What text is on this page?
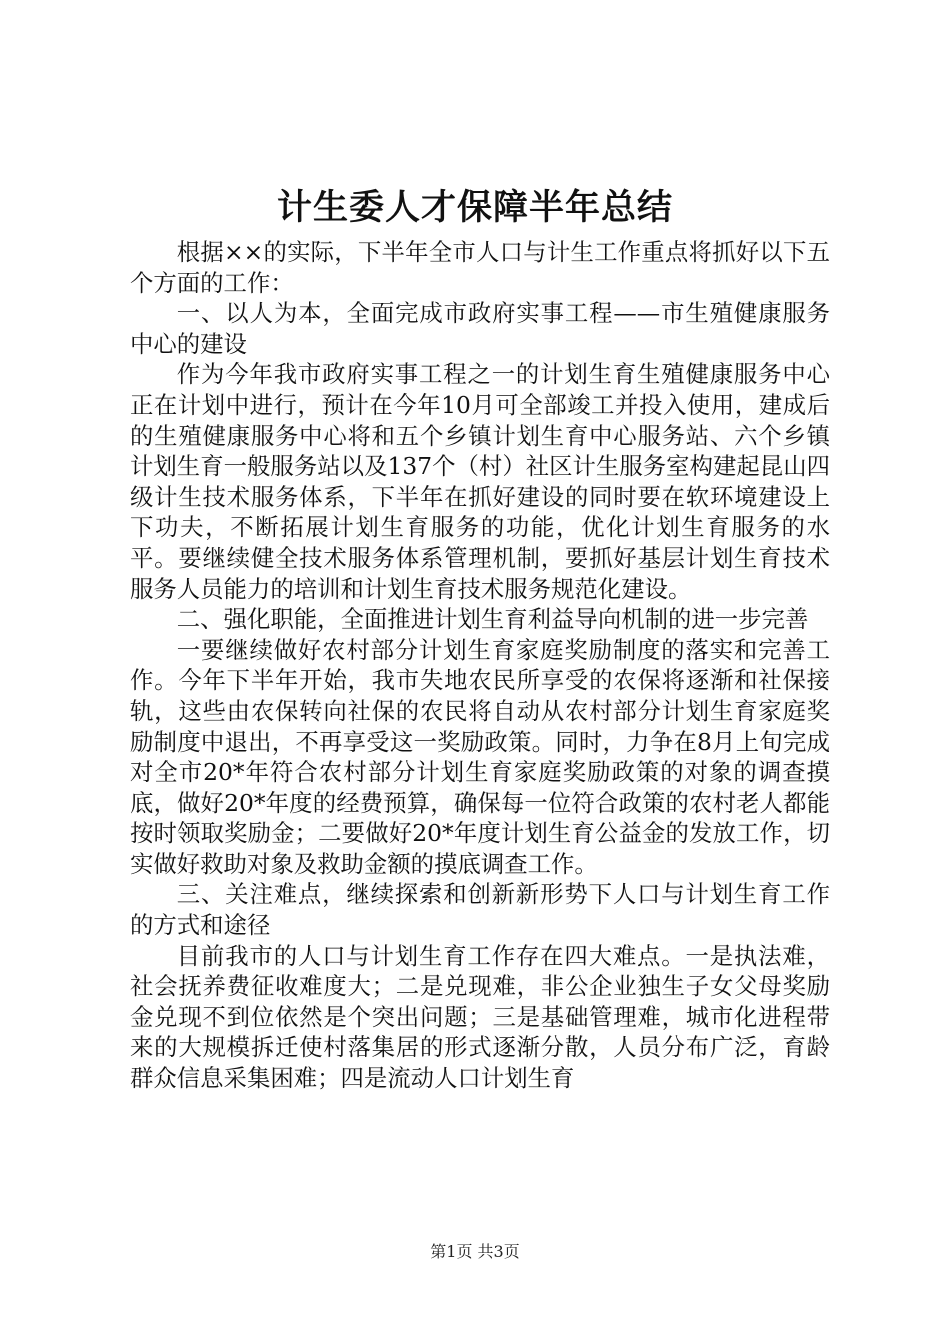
计生委人才保障半年总结

根据××的实际，下半年全市人口与计生工作重点将抓好以下五个方面的工作：

一、以人为本，全面完成市政府实事工程——市生殖健康服务中心的建设

作为今年我市政府实事工程之一的计划生育生殖健康服务中心正在计划中进行，预计在今年10月可全部竣工并投入使用，建成后的生殖健康服务中心将和五个乡镇计划生育中心服务站、六个乡镇计划生育一般服务站以及137个（村）社区计生服务室构建起昆山四级计生技术服务体系，下半年在抓好建设的同时要在软环境建设上下功夫，不断拓展计划生育服务的功能，优化计划生育服务的水平。要继续健全技术服务体系管理机制，要抓好基层计划生育技术服务人员能力的培训和计划生育技术服务规范化建设。

二、强化职能，全面推进计划生育利益导向机制的进一步完善

一要继续做好农村部分计划生育家庭奖励制度的落实和完善工作。今年下半年开始，我市失地农民所享受的农保将逐渐和社保接轨，这些由农保转向社保的农民将自动从农村部分计划生育家庭奖励制度中退出，不再享受这一奖励政策。同时，力争在8月上旬完成对全市20*年符合农村部分计划生育家庭奖励政策的对象的调查摸底，做好20*年度的经费预算，确保每一位符合政策的农村老人都能按时领取奖励金；二要做好20*年度计划生育公益金的发放工作，切实做好救助对象及救助金额的摸底调查工作。

三、关注难点，继续探索和创新新形势下人口与计划生育工作的方式和途径

目前我市的人口与计划生育工作存在四大难点。一是执法难，社会抚养费征收难度大；二是兑现难，非公企业独生子女父母奖励金兑现不到位依然是个突出问题；三是基础管理难，城市化进程带来的大规模拆迁使村落集居的形式逐渐分散，人员分布广泛，育龄群众信息采集困难；四是流动人口计划生育

第1页 共3页
